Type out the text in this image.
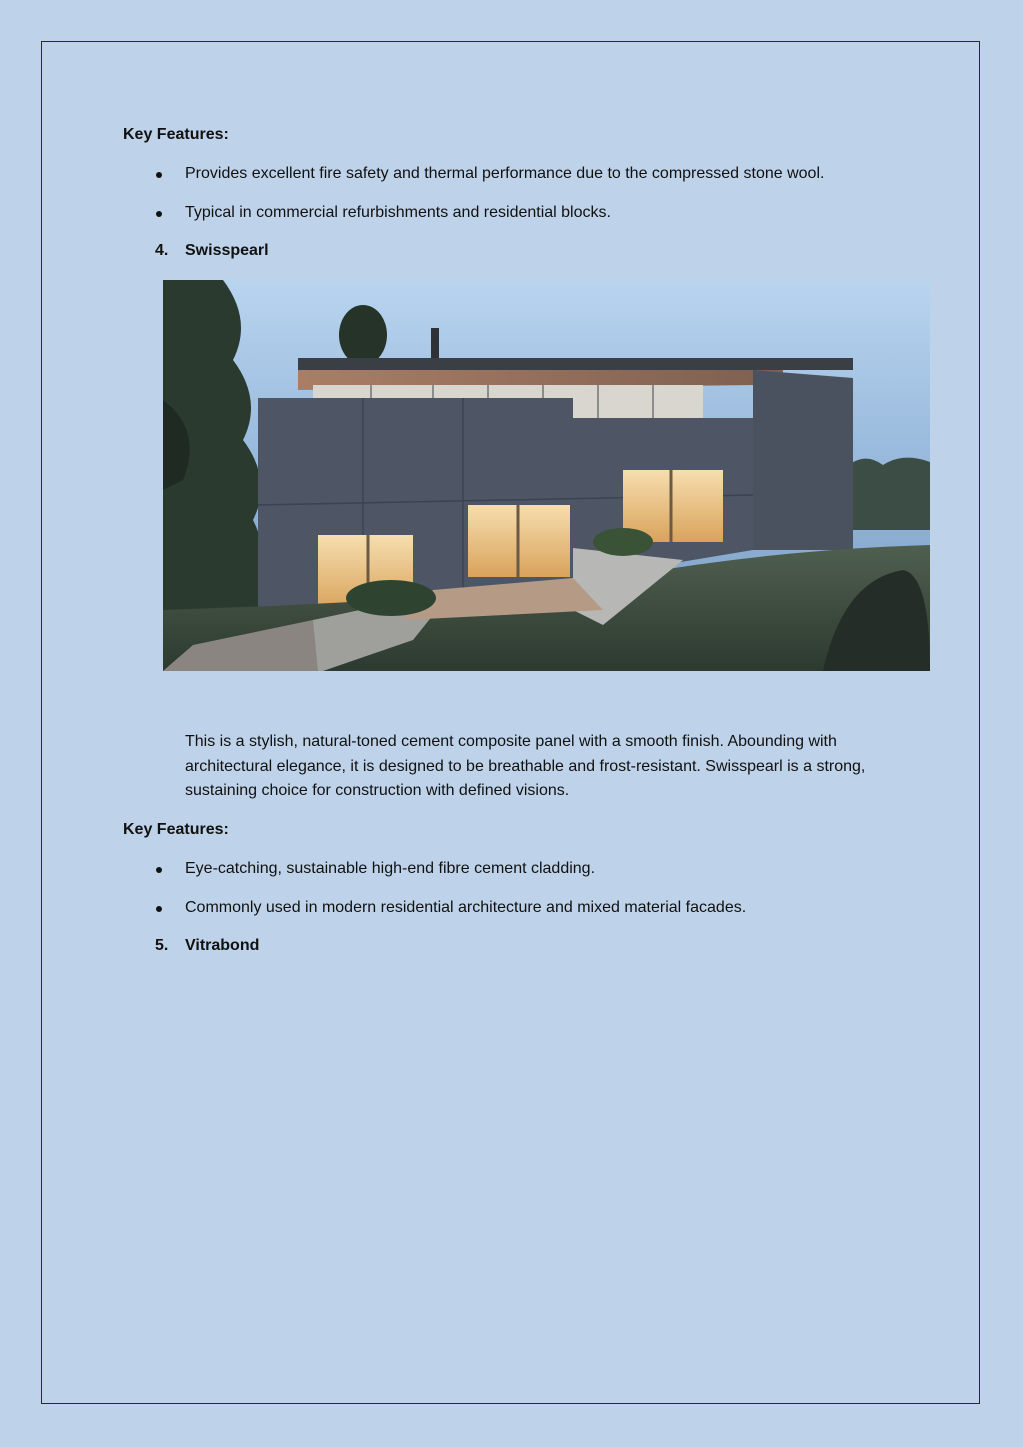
Key Features:
Provides excellent fire safety and thermal performance due to the compressed stone wool.
Typical in commercial refurbishments and residential blocks.
4. Swisspearl
This is a stylish, natural-toned cement composite panel with a smooth finish. Abounding with architectural elegance, it is designed to be breathable and frost-resistant. Swisspearl is a strong, sustaining choice for construction with defined visions.
Key Features:
Eye-catching, sustainable high-end fibre cement cladding.
Commonly used in modern residential architecture and mixed material facades.
5. Vitrabond
